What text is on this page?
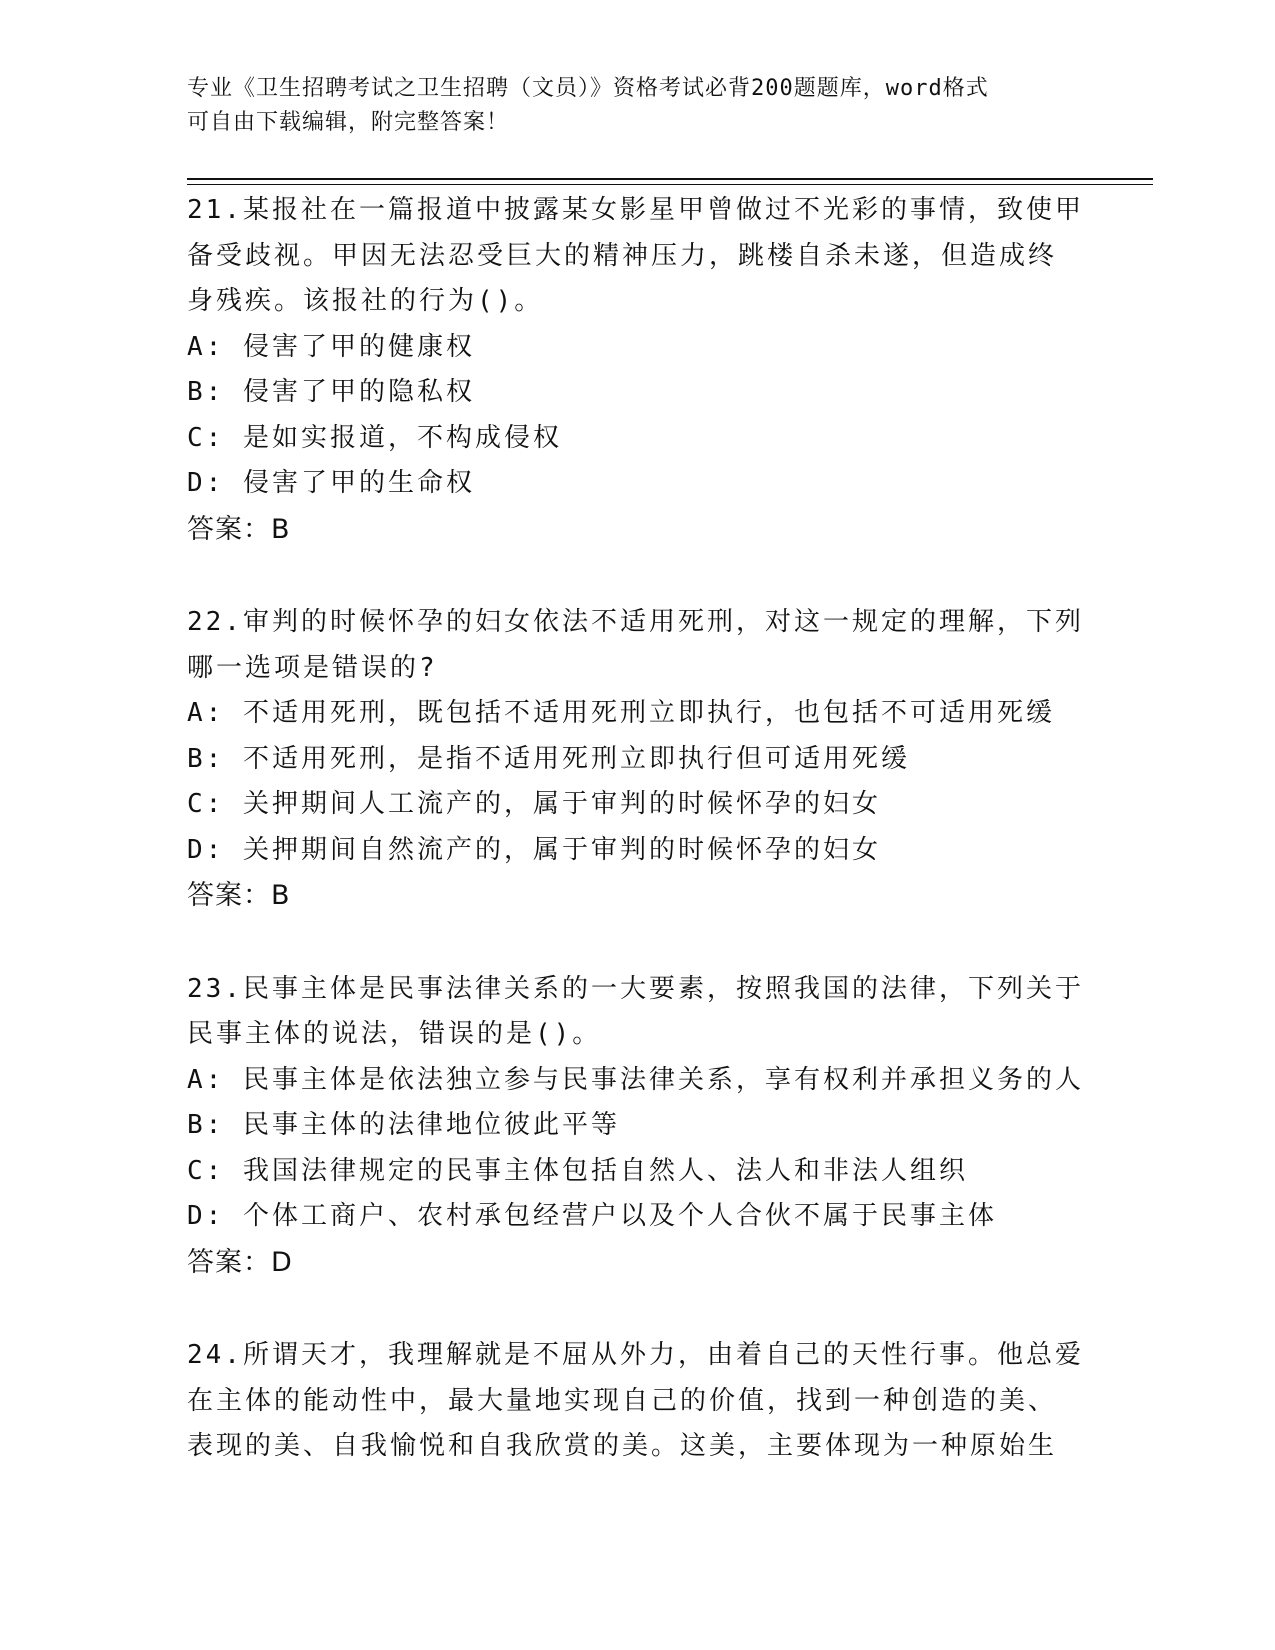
专业《卫生招聘考试之卫生招聘（文员）》资格考试必背200题题库，word格式
可自由下载编辑，附完整答案！
21.某报社在一篇报道中披露某女影星甲曾做过不光彩的事情，致使甲
备受歧视。甲因无法忍受巨大的精神压力，跳楼自杀未遂，但造成终
身残疾。该报社的行为()。
A: 侵害了甲的健康权
B: 侵害了甲的隐私权
C: 是如实报道，不构成侵权
D: 侵害了甲的生命权
答案：B
22.审判的时候怀孕的妇女依法不适用死刑，对这一规定的理解，下列
哪一选项是错误的?
A: 不适用死刑，既包括不适用死刑立即执行，也包括不可适用死缓
B: 不适用死刑，是指不适用死刑立即执行但可适用死缓
C: 关押期间人工流产的，属于审判的时候怀孕的妇女
D: 关押期间自然流产的，属于审判的时候怀孕的妇女
答案：B
23.民事主体是民事法律关系的一大要素，按照我国的法律，下列关于
民事主体的说法，错误的是()。
A: 民事主体是依法独立参与民事法律关系，享有权利并承担义务的人
B: 民事主体的法律地位彼此平等
C: 我国法律规定的民事主体包括自然人、法人和非法人组织
D: 个体工商户、农村承包经营户以及个人合伙不属于民事主体
答案：D
24.所谓天才，我理解就是不屈从外力，由着自己的天性行事。他总爱
在主体的能动性中，最大量地实现自己的价值，找到一种创造的美、
表现的美、自我愉悦和自我欣赏的美。这美，主要体现为一种原始生
